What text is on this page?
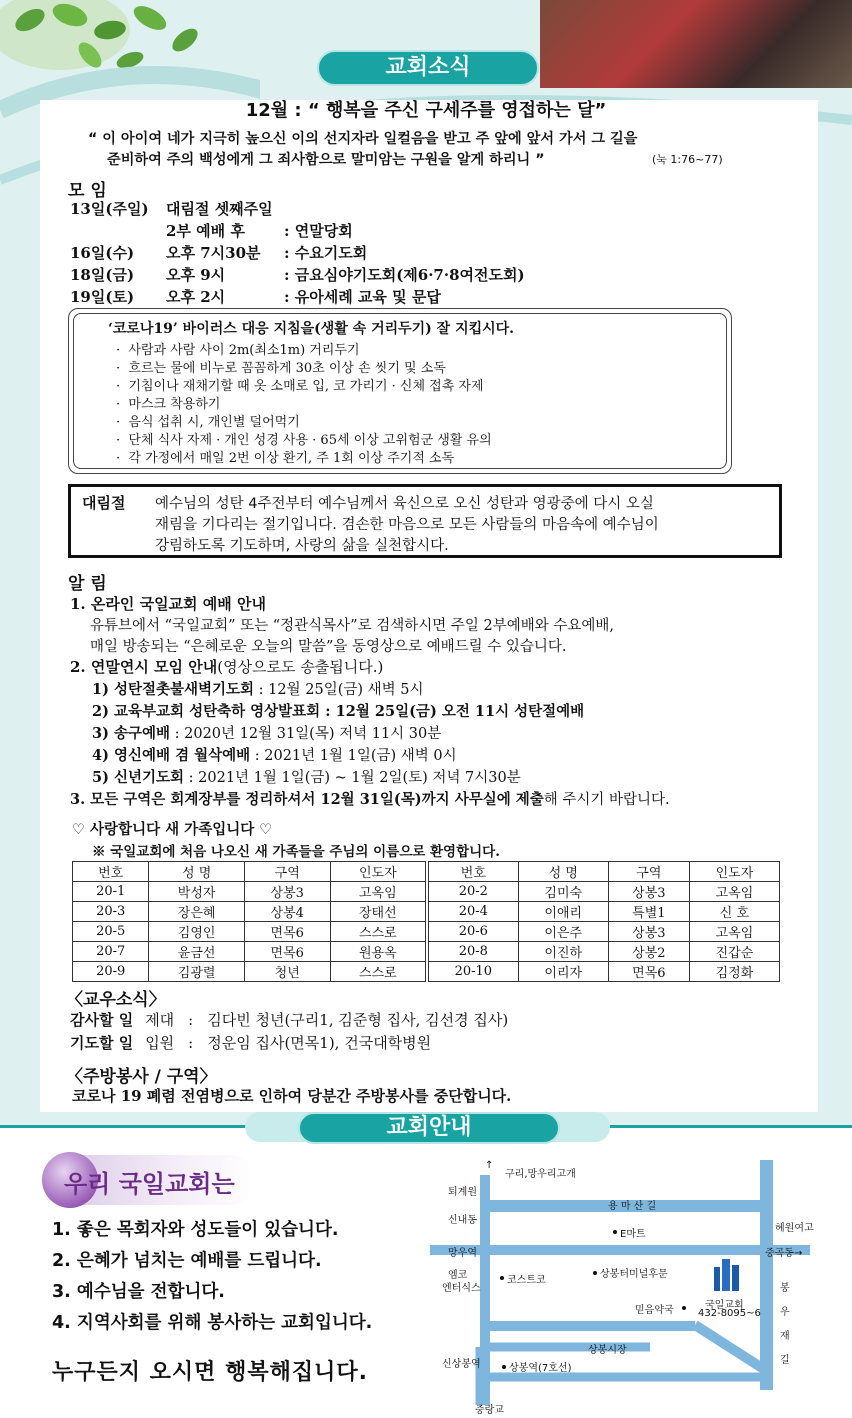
교회소식
12월 : “ 행복을 주신 구세주를 영접하는 달”
“ 이 아이여 네가 지극히 높으신 이의 선지자라 일컬음을 받고 주 앞에 앞서 가서 그 길을
준비하여 주의 백성에게 그 죄사함으로 말미암는 구원을 알게 하리니 ”	(눅 1:76~77)
모 임
13일(주일) 대림절 셋째주일
2부 예배 후	: 연말당회
16일(수) 오후 7시30분 : 수요기도회
18일(금) 오후 9시	: 금요심야기도회(제6·7·8여전도회)
19일(토) 오후 2시	: 유아세례 교육 및 문답
‘코로나19’ 바이러스 대응 지침을(생활 속 거리두기) 잘 지킵시다.
·  사람과 사람 사이 2m(최소1m) 거리두기
·  흐르는 물에 비누로 꼼꼼하게 30초 이상 손 씻기 및 소독
·  기침이나 재채기할 때 옷 소매로 입, 코 가리기 · 신체 접촉 자제
·  마스크 착용하기
·  음식 섭취 시, 개인별 덜어먹기
·  단체 식사 자제 · 개인 성경 사용 · 65세 이상 고위험군 생활 유의
·  각 가정에서 매일 2번 이상 환기, 주 1회 이상 주기적 소독
대림절 예수님의 성탄 4주전부터 예수님께서 육신으로 오신 성탄과 영광중에 다시 오실
재림을 기다리는 절기입니다. 겸손한 마음으로 모든 사람들의 마음속에 예수님이
강림하도록 기도하며, 사랑의 삶을 실천합시다.
알 림
1. 온라인 국일교회 예배 안내
유튜브에서 “국일교회” 또는 “정관식목사”로 검색하시면 주일 2부예배와 수요예배,
매일 방송되는 “은혜로운 오늘의 말씀”을 동영상으로 예배드릴 수 있습니다.
2. 연말연시 모임 안내(영상으로도 송출됩니다.)
1) 성탄절촛불새벽기도회 : 12월 25일(금) 새벽 5시
2) 교육부교회 성탄축하 영상발표회 : 12월 25일(금) 오전 11시 성탄절예배
3) 송구예배 : 2020년 12월 31일(목) 저녁 11시 30분
4) 영신예배 겸 월삭예배 : 2021년 1월 1일(금) 새벽 0시
5) 신년기도회 : 2021년 1월 1일(금) ~ 1월 2일(토) 저녁 7시30분
3. 모든 구역은 회계장부를 정리하셔서 12월 31일(목)까지 사무실에 제출해 주시기 바랍니다.
♡ 사랑합니다 새 가족입니다 ♡
※ 국일교회에 처음 나오신 새 가족들을 주님의 이름으로 환영합니다.
번호	성 명	구역	인도자
20-1	박성자	상봉3	고옥임
20-3	장은혜	상봉4	장태선
20-5	김영인	면목6	스스로
20-7	윤금선	면목6	원용옥
20-9	김광렬	청년	스스로
번호	성 명	구역	인도자
20-2	김미숙	상봉3	고옥임
20-4	이애리	특별1	신 호
20-6	이은주	상봉3	고옥임
20-8	이진하	상봉2	진갑순
20-10	이리자	면목6	김정화
〈교우소식〉
감사할 일 제대 : 김다빈 청년(구리1, 김준형 집사, 김선경 집사)
기도할 일 입원 : 정운임 집사(면목1), 건국대학병원
〈주방봉사 / 구역〉
코로나 19 폐렴 전염병으로 인하여 당분간 주방봉사를 중단합니다.
교회안내
우리 국일교회는
1. 좋은 목회자와 성도들이 있습니다.
2. 은혜가 넘치는 예배를 드립니다.
3. 예수님을 전합니다.
4. 지역사회를 위해 봉사하는 교회입니다.
누구든지 오시면 행복해집니다.
↑
구리,망우리고개
퇴계원
용 마 산 길
신내동
E마트
혜원여고
망우역	중곡동→
엠코
엔터식스
코스트코
상봉터미널후문
국일교회
432-8095~6
믿음약국
봉
우
재
길
상봉시장
신상봉역	상봉역(7호선)
중랑교
